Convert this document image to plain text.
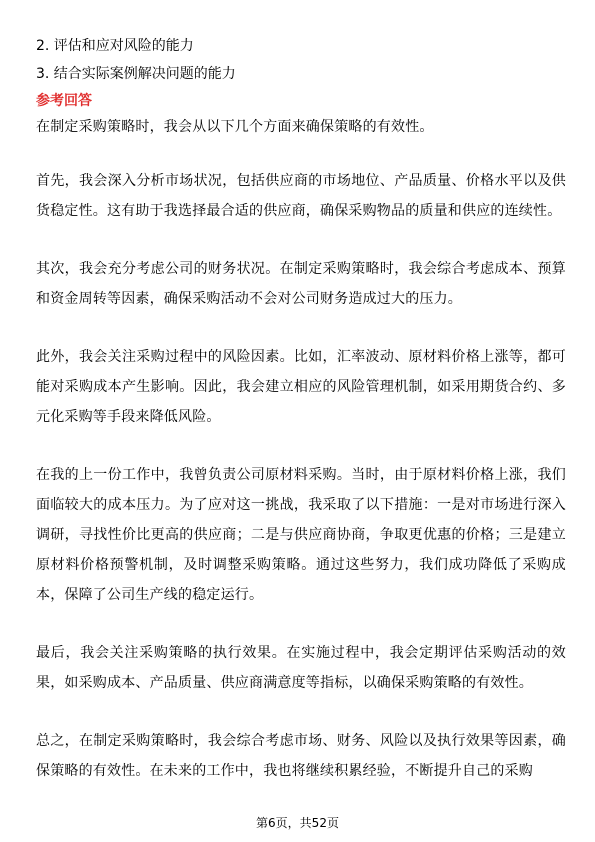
2. 评估和应对风险的能力
3. 结合实际案例解决问题的能力
参考回答

在制定采购策略时，我会从以下几个方面来确保策略的有效性。

首先，我会深入分析市场状况，包括供应商的市场地位、产品质量、价格水平以及供货稳定性。这有助于我选择最合适的供应商，确保采购物品的质量和供应的连续性。

其次，我会充分考虑公司的财务状况。在制定采购策略时，我会综合考虑成本、预算和资金周转等因素，确保采购活动不会对公司财务造成过大的压力。

此外，我会关注采购过程中的风险因素。比如，汇率波动、原材料价格上涨等，都可能对采购成本产生影响。因此，我会建立相应的风险管理机制，如采用期货合约、多元化采购等手段来降低风险。

在我的上一份工作中，我曾负责公司原材料采购。当时，由于原材料价格上涨，我们面临较大的成本压力。为了应对这一挑战，我采取了以下措施：一是对市场进行深入调研，寻找性价比更高的供应商；二是与供应商协商，争取更优惠的价格；三是建立原材料价格预警机制，及时调整采购策略。通过这些努力，我们成功降低了采购成本，保障了公司生产线的稳定运行。

最后，我会关注采购策略的执行效果。在实施过程中，我会定期评估采购活动的效果，如采购成本、产品质量、供应商满意度等指标，以确保采购策略的有效性。

总之，在制定采购策略时，我会综合考虑市场、财务、风险以及执行效果等因素，确保策略的有效性。在未来的工作中，我也将继续积累经验，不断提升自己的采购

第6页，共52页
